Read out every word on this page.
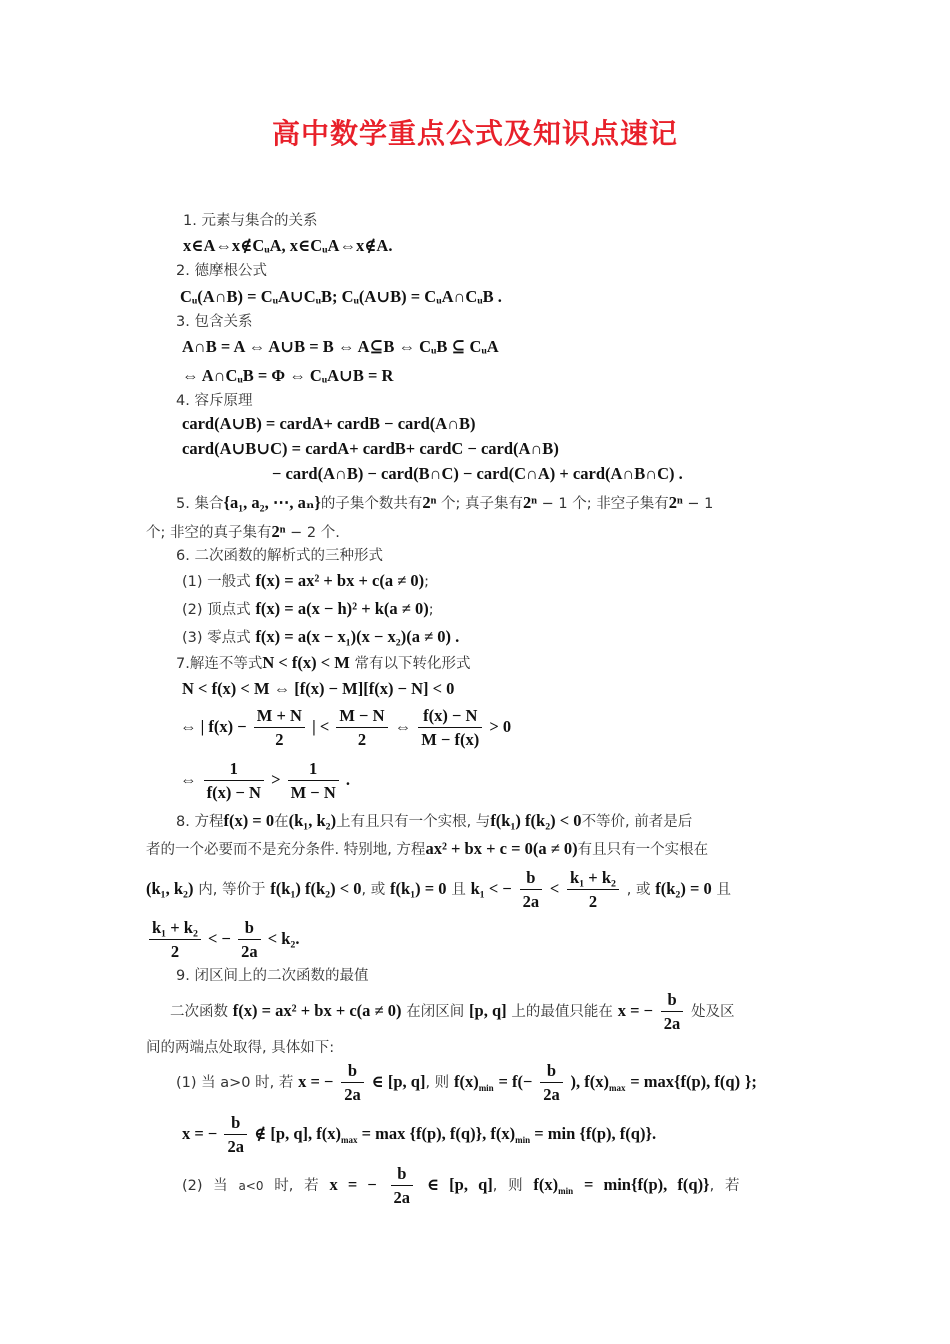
高中数学重点公式及知识点速记
1. 元素与集合的关系
x∈A⇔x∉CᵤA, x∈CᵤA⇔x∉A.
2. 德摩根公式
Cᵤ(A∩B) = CᵤA∪CᵤB; Cᵤ(A∪B) = CᵤA∩CᵤB .
3. 包含关系
A∩B = A ⇔ A∪B = B ⇔ A⊆B ⇔ CᵤB ⊆ CᵤA
⇔ A∩CᵤB = Φ ⇔ CᵤA∪B = R
4. 容斥原理
card(A∪B) = cardA+ cardB − card(A∩B)
card(A∪B∪C) = cardA+ cardB+ cardC − card(A∩B)
− card(A∩B) − card(B∩C) − card(C∩A) + card(A∩B∩C) .
5. 集合{a₁, a₂, ⋯, aₙ}的子集个数共有2ⁿ 个; 真子集有2ⁿ − 1 个; 非空子集有2ⁿ − 1
个; 非空的真子集有2ⁿ − 2 个.
6. 二次函数的解析式的三种形式
(1) 一般式 f(x) = ax² + bx + c(a ≠ 0);
(2) 顶点式 f(x) = a(x − h)² + k(a ≠ 0);
(3) 零点式 f(x) = a(x − x₁)(x − x₂)(a ≠ 0) .
7.解连不等式N < f(x) < M 常有以下转化形式
N < f(x) < M ⇔ [f(x) − M][f(x) − N] < 0
⇔ | $f(x) - \frac{M + N}{2}$ | < $\frac{M - N}{2}$ ⇔ $\frac{f(x) - N}{M - f(x)} > 0$
⇔ $\frac{1}{f(x) - N} > \frac{1}{M - N}$ .
8. 方程f(x) = 0在(k₁, k₂)上有且只有一个实根, 与f(k₁) f(k₂) < 0不等价, 前者是后
者的一个必要而不是充分条件. 特别地, 方程ax² + bx + c = 0(a ≠ 0)有且只有一个实根在
(k₁, k₂) 内, 等价于 f(k₁) f(k₂) < 0, 或 f(k₁) = 0 且 k₁ < − $\frac{b}{2a} < \frac{\text{k₁ + k₂}}{2}$ , 或 f(k₂) = 0 且
$\frac{\text{k₁ + k₂}}{2}$ < − $\frac{b}{2a} < k_2$.
9. 闭区间上的二次函数的最值
二次函数 f(x) = ax² + bx + c(a ≠ 0) 在闭区间 [p, q] 上的最值只能在 x = − $\frac{b}{2a}$ 处及区
间的两端点处取得, 具体如下:
(1) 当 a>0 时, 若 x = − $\frac{b}{2a}$ ∈ [p, q], 则 $f(x)_{min} = f(- \frac{b}{2a}$ ), $f(x)_{max} = \max\{f(p)$, f(q) };
x = − $\frac{b}{2a}$ ∉ [p, q], $f(x)_{max} = \max \{f(p)$, f(q)}, $f(x)_{min} = \min \{f(p)$, f(q)}.
(2) 当 a<0 时, 若 x = − $\frac{b}{2a}$ ∈ [p, q], 则 $f(x)_{min} = \min\{f(p)$, f(q)}, 若
